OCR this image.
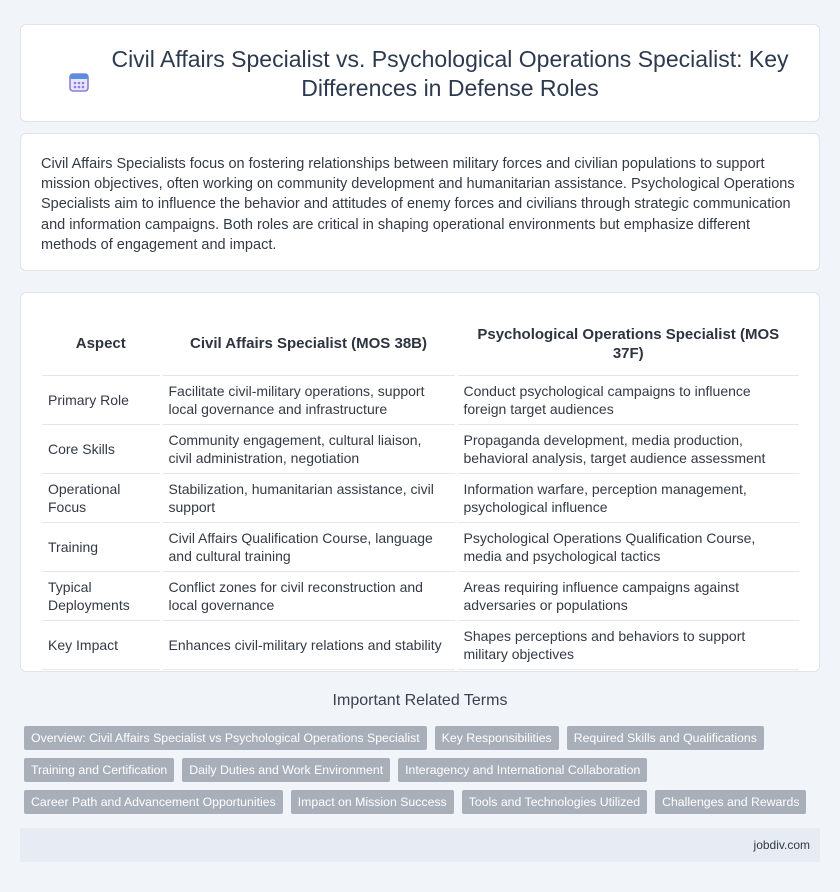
Civil Affairs Specialist vs. Psychological Operations Specialist: Key Differences in Defense Roles

Civil Affairs Specialists focus on fostering relationships between military forces and civilian populations to support mission objectives, often working on community development and humanitarian assistance. Psychological Operations Specialists aim to influence the behavior and attitudes of enemy forces and civilians through strategic communication and information campaigns. Both roles are critical in shaping operational environments but emphasize different methods of engagement and impact.

Aspect	Civil Affairs Specialist (MOS 38B)	Psychological Operations Specialist (MOS 37F)
Primary Role	Facilitate civil-military operations, support local governance and infrastructure	Conduct psychological campaigns to influence foreign target audiences
Core Skills	Community engagement, cultural liaison, civil administration, negotiation	Propaganda development, media production, behavioral analysis, target audience assessment
Operational Focus	Stabilization, humanitarian assistance, civil support	Information warfare, perception management, psychological influence
Training	Civil Affairs Qualification Course, language and cultural training	Psychological Operations Qualification Course, media and psychological tactics
Typical Deployments	Conflict zones for civil reconstruction and local governance	Areas requiring influence campaigns against adversaries or populations
Key Impact	Enhances civil-military relations and stability	Shapes perceptions and behaviors to support military objectives
Important Related Terms
Overview: Civil Affairs Specialist vs Psychological Operations Specialist	Key Responsibilities	Required Skills and Qualifications
Training and Certification	Daily Duties and Work Environment	Interagency and International Collaboration
Career Path and Advancement Opportunities	Impact on Mission Success	Tools and Technologies Utilized	Challenges and Rewards
jobdiv.com
